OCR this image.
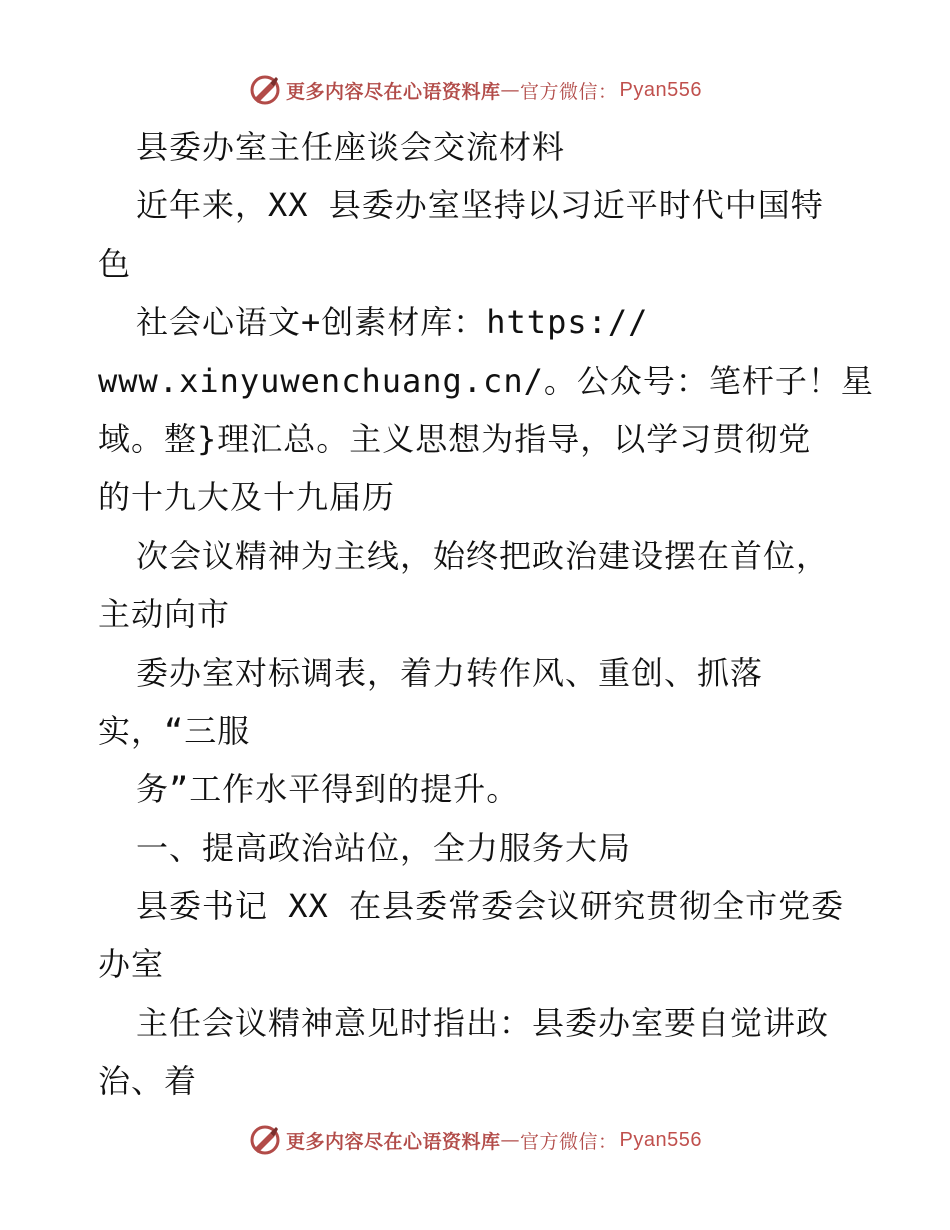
更多内容尽在心语资料库 — 官方微信： Pyan556
县委办室主任座谈会交流材料
近年来，XX 县委办室坚持以习近平时代中国特
色
社会心语文+创素材库：https://
www.xinyuwenchuang.cn/。公众号：笔杆子！星
域。整}理汇总。主义思想为指导，以学习贯彻党
的十九大及十九届历
次会议精神为主线，始终把政治建设摆在首位，
主动向市
委办室对标调表，着力转作风、重创、抓落
实，“三服
务”工作水平得到的提升。
一、提高政治站位，全力服务大局
县委书记 XX 在县委常委会议研究贯彻全市党委
办室
主任会议精神意见时指出：县委办室要自觉讲政
治、着
更多内容尽在心语资料库 — 官方微信： Pyan556
